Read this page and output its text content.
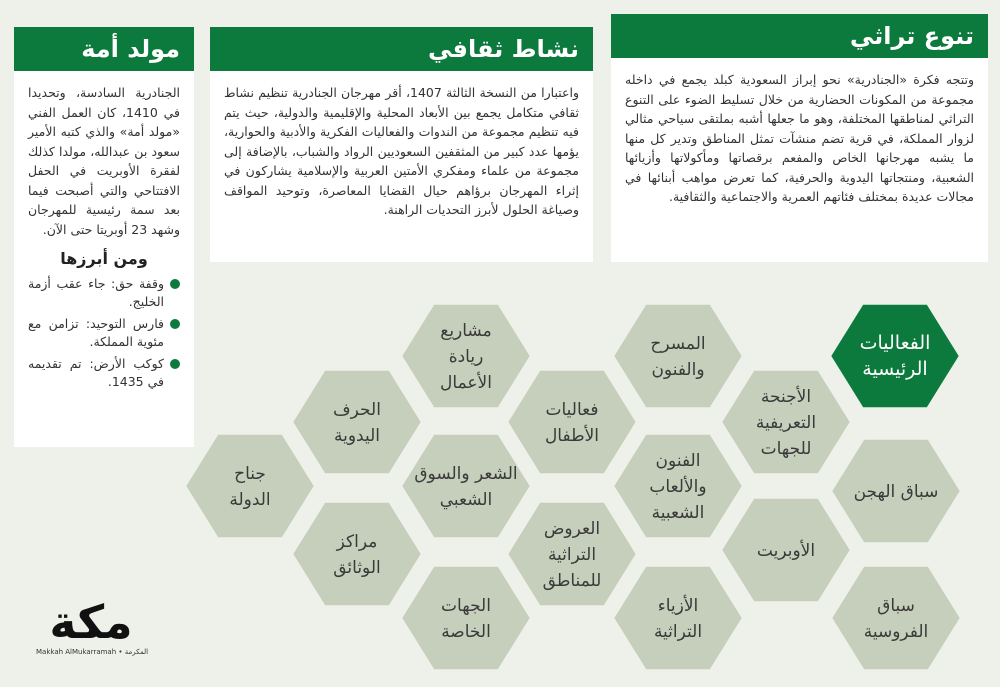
تنوع تراثي
وتتجه فكرة «الجنادرية» نحو إبراز السعودية كبلد يجمع في داخله مجموعة من المكونات الحضارية من خلال تسليط الضوء على التنوع التراثي لمناطقها المختلفة، وهو ما جعلها أشبه بملتقى سياحي مثالي لزوار المملكة، في قرية تضم منشآت تمثل المناطق وتدير كل منها ما يشبه مهرجانها الخاص والمفعم برقصاتها ومأكولاتها وأزيائها الشعبية، ومنتجاتها اليدوية والحرفية، كما تعرض مواهب أبنائها في مجالات عديدة بمختلف فئاتهم العمرية والاجتماعية والثقافية.
نشاط ثقافي
واعتبارا من النسخة الثالثة 1407، أقر مهرجان الجنادرية تنظيم نشاط ثقافي متكامل يجمع بين الأبعاد المحلية والإقليمية والدولية، حيث يتم فيه تنظيم مجموعة من الندوات والفعاليات الفكرية والأدبية والحوارية، يؤمها عدد كبير من المثقفين السعوديين الرواد والشباب، بالإضافة إلى مجموعة من علماء ومفكري الأمتين العربية والإسلامية يشاركون في إثراء المهرجان برؤاهم حيال القضايا المعاصرة، وتوحيد المواقف وصياغة الحلول لأبرز التحديات الراهنة.
مولد أمة
الجنادرية السادسة، وتحديدا في 1410، كان العمل الفني «مولد أمة» والذي كتبه الأمير سعود بن عبدالله، مولدا كذلك لفقرة الأوبريت في الحفل الافتتاحي والتي أصبحت فيما بعد سمة رئيسية للمهرجان وشهد 23 أوبريتا حتى الآن.
ومن أبرزها
وقفة حق: جاء عقب أزمة الخليج.
فارس التوحيد: تزامن مع مئوية المملكة.
كوكب الأرض: تم تقديمه في 1435.
الفعاليات
الرئيسية
الأجنحة
التعريفية
للجهات
سباق الهجن
الأوبريت
سباق
الفروسية
المسرح
والفنون
الفنون
والألعاب
الشعبية
الأزياء
التراثية
مشاريع
ريادة
الأعمال
فعاليات
الأطفال
العروض
التراثية
للمناطق
الحرف
اليدوية
الشعر والسوق
الشعبي
الجهات
الخاصة
جناح
الدولة
مراكز
الوثائق
مكة
Makkah AlMukarramah • المكرمة
